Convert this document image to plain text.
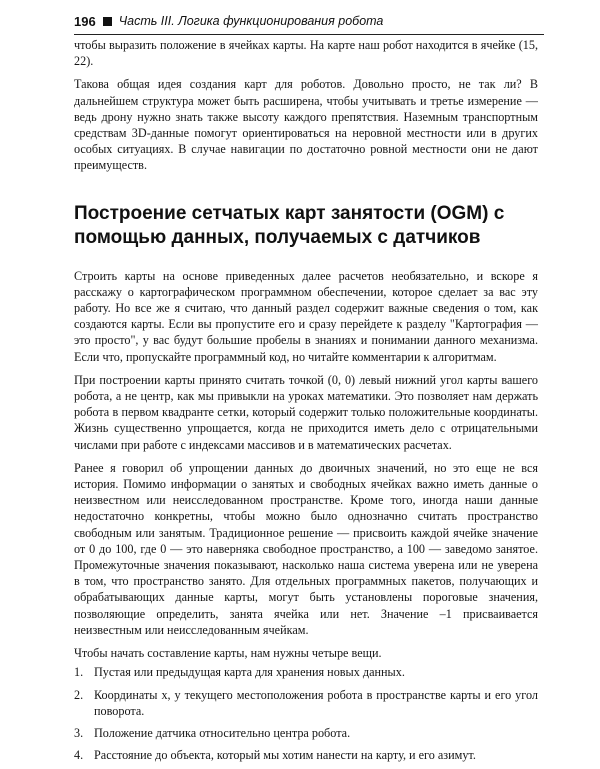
196 Часть III. Логика функционирования робота

чтобы выразить положение в ячейках карты. На карте наш робот находится в ячейке (15, 22).

Такова общая идея создания карт для роботов. Довольно просто, не так ли? В дальнейшем структура может быть расширена, чтобы учитывать и третье измерение — ведь дрону нужно знать также высоту каждого препятствия. Наземным транспортным средствам 3D-данные помогут ориентироваться на неровной местности или в других особых ситуациях. В случае навигации по достаточно ровной местности они не дают преимуществ.

Построение сетчатых карт занятости (OGM) с помощью данных, получаемых с датчиков

Строить карты на основе приведенных далее расчетов необязательно, и вскоре я расскажу о картографическом программном обеспечении, которое сделает за вас эту работу. Но все же я считаю, что данный раздел содержит важные сведения о том, как создаются карты. Если вы пропустите его и сразу перейдете к разделу "Картография — это просто", у вас будут большие пробелы в знаниях и понимании данного механизма. Если что, пропускайте программный код, но читайте комментарии к алгоритмам.

При построении карты принято считать точкой (0, 0) левый нижний угол карты вашего робота, а не центр, как мы привыкли на уроках математики. Это позволяет нам держать робота в первом квадранте сетки, который содержит только положительные координаты. Жизнь существенно упрощается, когда не приходится иметь дело с отрицательными числами при работе с индексами массивов и в математических расчетах.

Ранее я говорил об упрощении данных до двоичных значений, но это еще не вся история. Помимо информации о занятых и свободных ячейках важно иметь данные о неизвестном или неисследованном пространстве. Кроме того, иногда наши данные недостаточно конкретны, чтобы можно было однозначно считать пространство свободным или занятым. Традиционное решение — присвоить каждой ячейке значение от 0 до 100, где 0 — это наверняка свободное пространство, а 100 — заведомо занятое. Промежуточные значения показывают, насколько наша система уверена или не уверена в том, что пространство занято. Для отдельных программных пакетов, получающих и обрабатывающих данные карты, могут быть установлены пороговые значения, позволяющие определить, занята ячейка или нет. Значение –1 присваивается неизвестным или неисследованным ячейкам.

Чтобы начать составление карты, нам нужны четыре вещи.

1. Пустая или предыдущая карта для хранения новых данных.
2. Координаты x, y текущего местоположения робота в пространстве карты и его угол поворота.
3. Положение датчика относительно центра робота.
4. Расстояние до объекта, который мы хотим нанести на карту, и его азимут.
